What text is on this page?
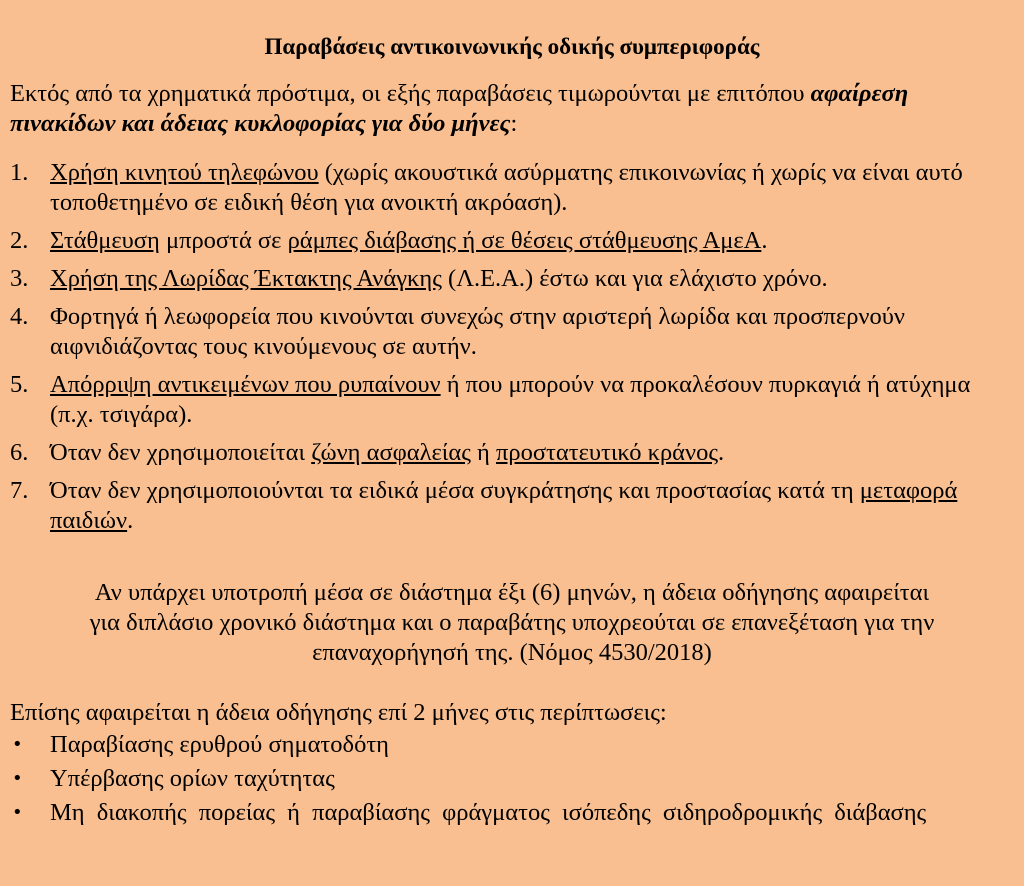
Παραβάσεις αντικοινωνικής οδικής συμπεριφοράς
Εκτός από τα χρηματικά πρόστιμα, οι εξής παραβάσεις τιμωρούνται με επιτόπου αφαίρεση πινακίδων και άδειας κυκλοφορίας για δύο μήνες:
1. Χρήση κινητού τηλεφώνου (χωρίς ακουστικά ασύρματης επικοινωνίας ή χωρίς να είναι αυτό τοποθετημένο σε ειδική θέση για ανοικτή ακρόαση).
2. Στάθμευση μπροστά σε ράμπες διάβασης ή σε θέσεις στάθμευσης ΑμεΑ.
3. Χρήση της Λωρίδας Έκτακτης Ανάγκης (Λ.Ε.Α.) έστω και για ελάχιστο χρόνο.
4. Φορτηγά ή λεωφορεία που κινούνται συνεχώς στην αριστερή λωρίδα και προσπερνούν αιφνιδιάζοντας τους κινούμενους σε αυτήν.
5. Απόρριψη αντικειμένων που ρυπαίνουν ή που μπορούν να προκαλέσουν πυρκαγιά ή ατύχημα (π.χ. τσιγάρα).
6. Όταν δεν χρησιμοποιείται ζώνη ασφαλείας ή προστατευτικό κράνος.
7. Όταν δεν χρησιμοποιούνται τα ειδικά μέσα συγκράτησης και προστασίας κατά τη μεταφορά παιδιών.
Αν υπάρχει υποτροπή μέσα σε διάστημα έξι (6) μηνών, η άδεια οδήγησης αφαιρείται
για διπλάσιο χρονικό διάστημα και ο παραβάτης υποχρεούται σε επανεξέταση για την
επαναχορήγησή της. (Νόμος 4530/2018)
Επίσης αφαιρείται η άδεια οδήγησης επί 2 μήνες στις περίπτωσεις:
• Παραβίασης ερυθρού σηματοδότη
• Υπέρβασης ορίων ταχύτητας
• Μη διακοπής πορείας ή παραβίασης φράγματος ισόπεδης σιδηροδρομικής διάβασης
